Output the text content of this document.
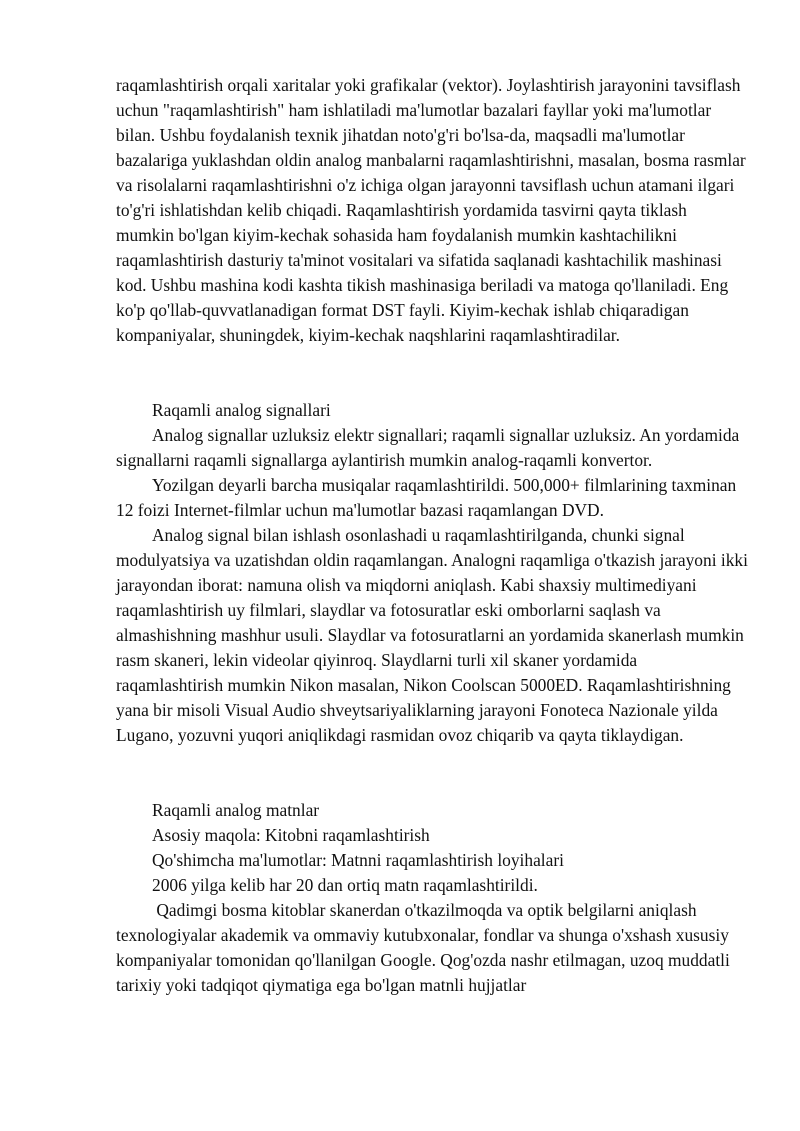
raqamlashtirish orqali xaritalar yoki grafikalar (vektor). Joylashtirish jarayonini tavsiflash uchun "raqamlashtirish" ham ishlatiladi ma'lumotlar bazalari fayllar yoki ma'lumotlar bilan. Ushbu foydalanish texnik jihatdan noto'g'ri bo'lsa-da, maqsadli ma'lumotlar bazalariga yuklashdan oldin analog manbalarni raqamlashtirishni, masalan, bosma rasmlar va risolalarni raqamlashtirishni o'z ichiga olgan jarayonni tavsiflash uchun atamani ilgari to'g'ri ishlatishdan kelib chiqadi. Raqamlashtirish yordamida tasvirni qayta tiklash mumkin bo'lgan kiyim-kechak sohasida ham foydalanish mumkin kashtachilikni raqamlashtirish dasturiy ta'minot vositalari va sifatida saqlanadi kashtachilik mashinasi kod. Ushbu mashina kodi kashta tikish mashinasiga beriladi va matoga qo'llaniladi. Eng ko'p qo'llab-quvvatlanadigan format DST fayli. Kiyim-kechak ishlab chiqaradigan kompaniyalar, shuningdek, kiyim-kechak naqshlarini raqamlashtiradilar.

Raqamli analog signallari

Analog signallar uzluksiz elektr signallari; raqamli signallar uzluksiz. An yordamida signallarni raqamli signallarga aylantirish mumkin analog-raqamli konvertor.

Yozilgan deyarli barcha musiqalar raqamlashtirildi. 500,000+ filmlarining taxminan 12 foizi Internet-filmlar uchun ma'lumotlar bazasi raqamlangan DVD.

Analog signal bilan ishlash osonlashadi u raqamlashtirilganda, chunki signal modulyatsiya va uzatishdan oldin raqamlangan. Analogni raqamliga o'tkazish jarayoni ikki jarayondan iborat: namuna olish va miqdorni aniqlash. Kabi shaxsiy multimediyani raqamlashtirish uy filmlari, slaydlar va fotosuratlar eski omborlarni saqlash va almashishning mashhur usuli. Slaydlar va fotosuratlarni an yordamida skanerlash mumkin rasm skaneri, lekin videolar qiyinroq. Slaydlarni turli xil skaner yordamida raqamlashtirish mumkin Nikon masalan, Nikon Coolscan 5000ED. Raqamlashtirishning yana bir misoli Visual Audio shveytsariyaliklarning jarayoni Fonoteca Nazionale yilda Lugano, yozuvni yuqori aniqlikdagi rasmidan ovoz chiqarib va qayta tiklaydigan.

Raqamli analog matnlar

Asosiy maqola: Kitobni raqamlashtirish

Qo'shimcha ma'lumotlar: Matnni raqamlashtirish loyihalari

2006 yilga kelib har 20 dan ortiq matn raqamlashtirildi.

Qadimgi bosma kitoblar skanerdan o'tkazilmoqda va optik belgilarni aniqlash texnologiyalar akademik va ommaviy kutubxonalar, fondlar va shunga o'xshash xususiy kompaniyalar tomonidan qo'llanilgan Google. Qog'ozda nashr etilmagan, uzoq muddatli tarixiy yoki tadqiqot qiymatiga ega bo'lgan matnli hujjatlar
